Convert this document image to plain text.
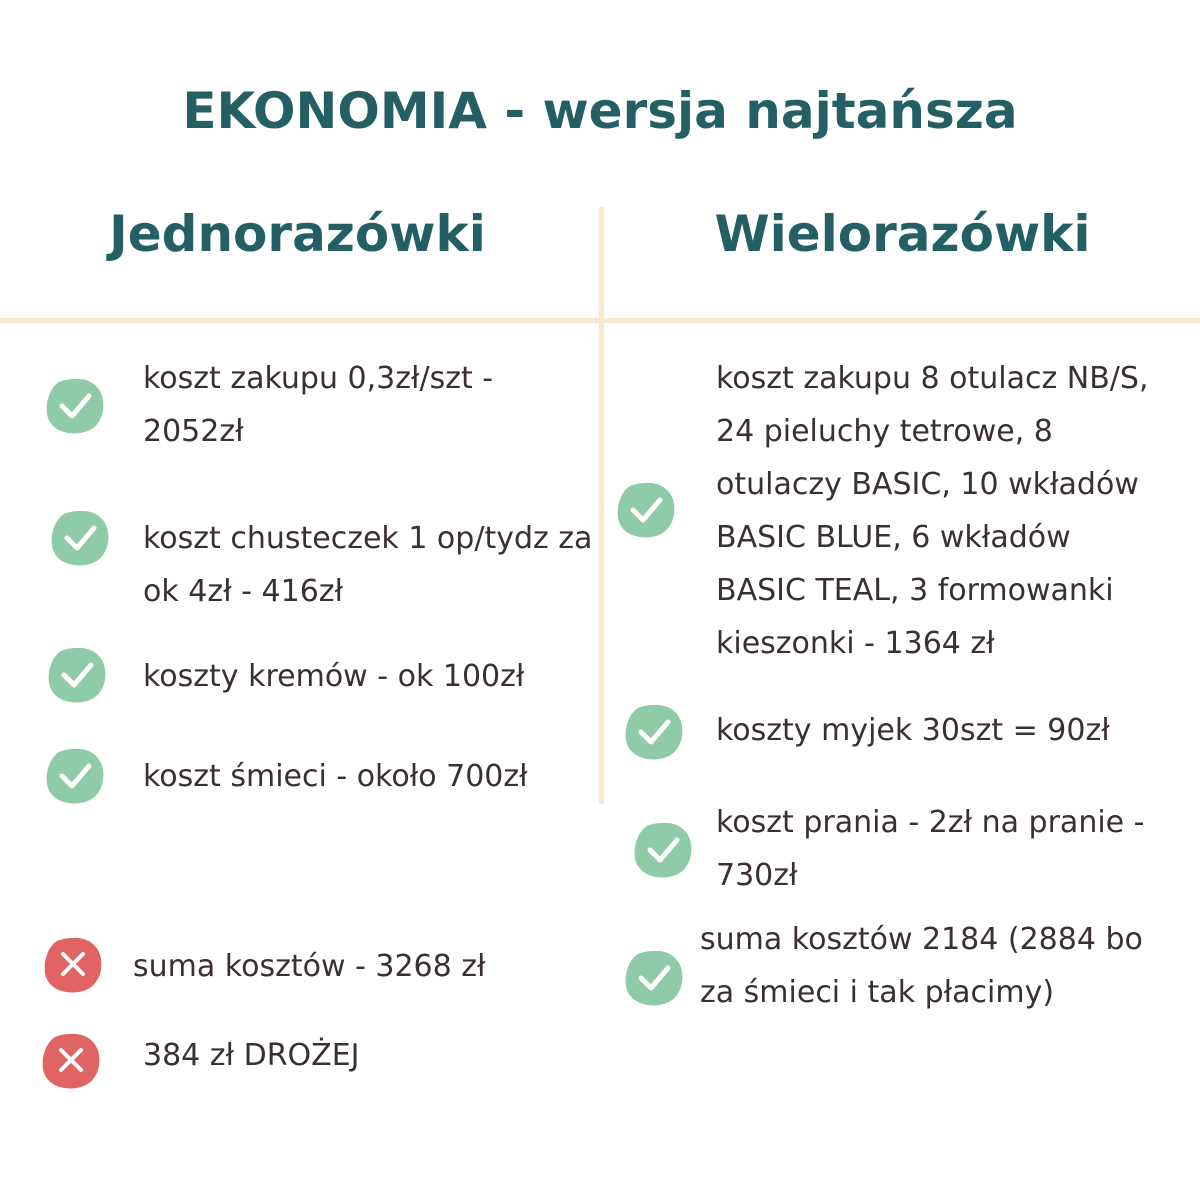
EKONOMIA - wersja najtańsza
Jednorazówki	Wielorazówki
koszt zakupu 0,3zł/szt -
2052zł
koszt chusteczek 1 op/tydz za
ok 4zł - 416zł
koszty kremów - ok 100zł
koszt śmieci - około 700zł
suma kosztów - 3268 zł
384 zł DROŻEJ
koszt zakupu 8 otulacz NB/S,
24 pieluchy tetrowe, 8
otulaczy BASIC, 10 wkładów
BASIC BLUE, 6 wkładów
BASIC TEAL, 3 formowanki
kieszonki - 1364 zł
koszty myjek 30szt = 90zł
koszt prania - 2zł na pranie -
730zł
suma kosztów 2184 (2884 bo
za śmieci i tak płacimy)
